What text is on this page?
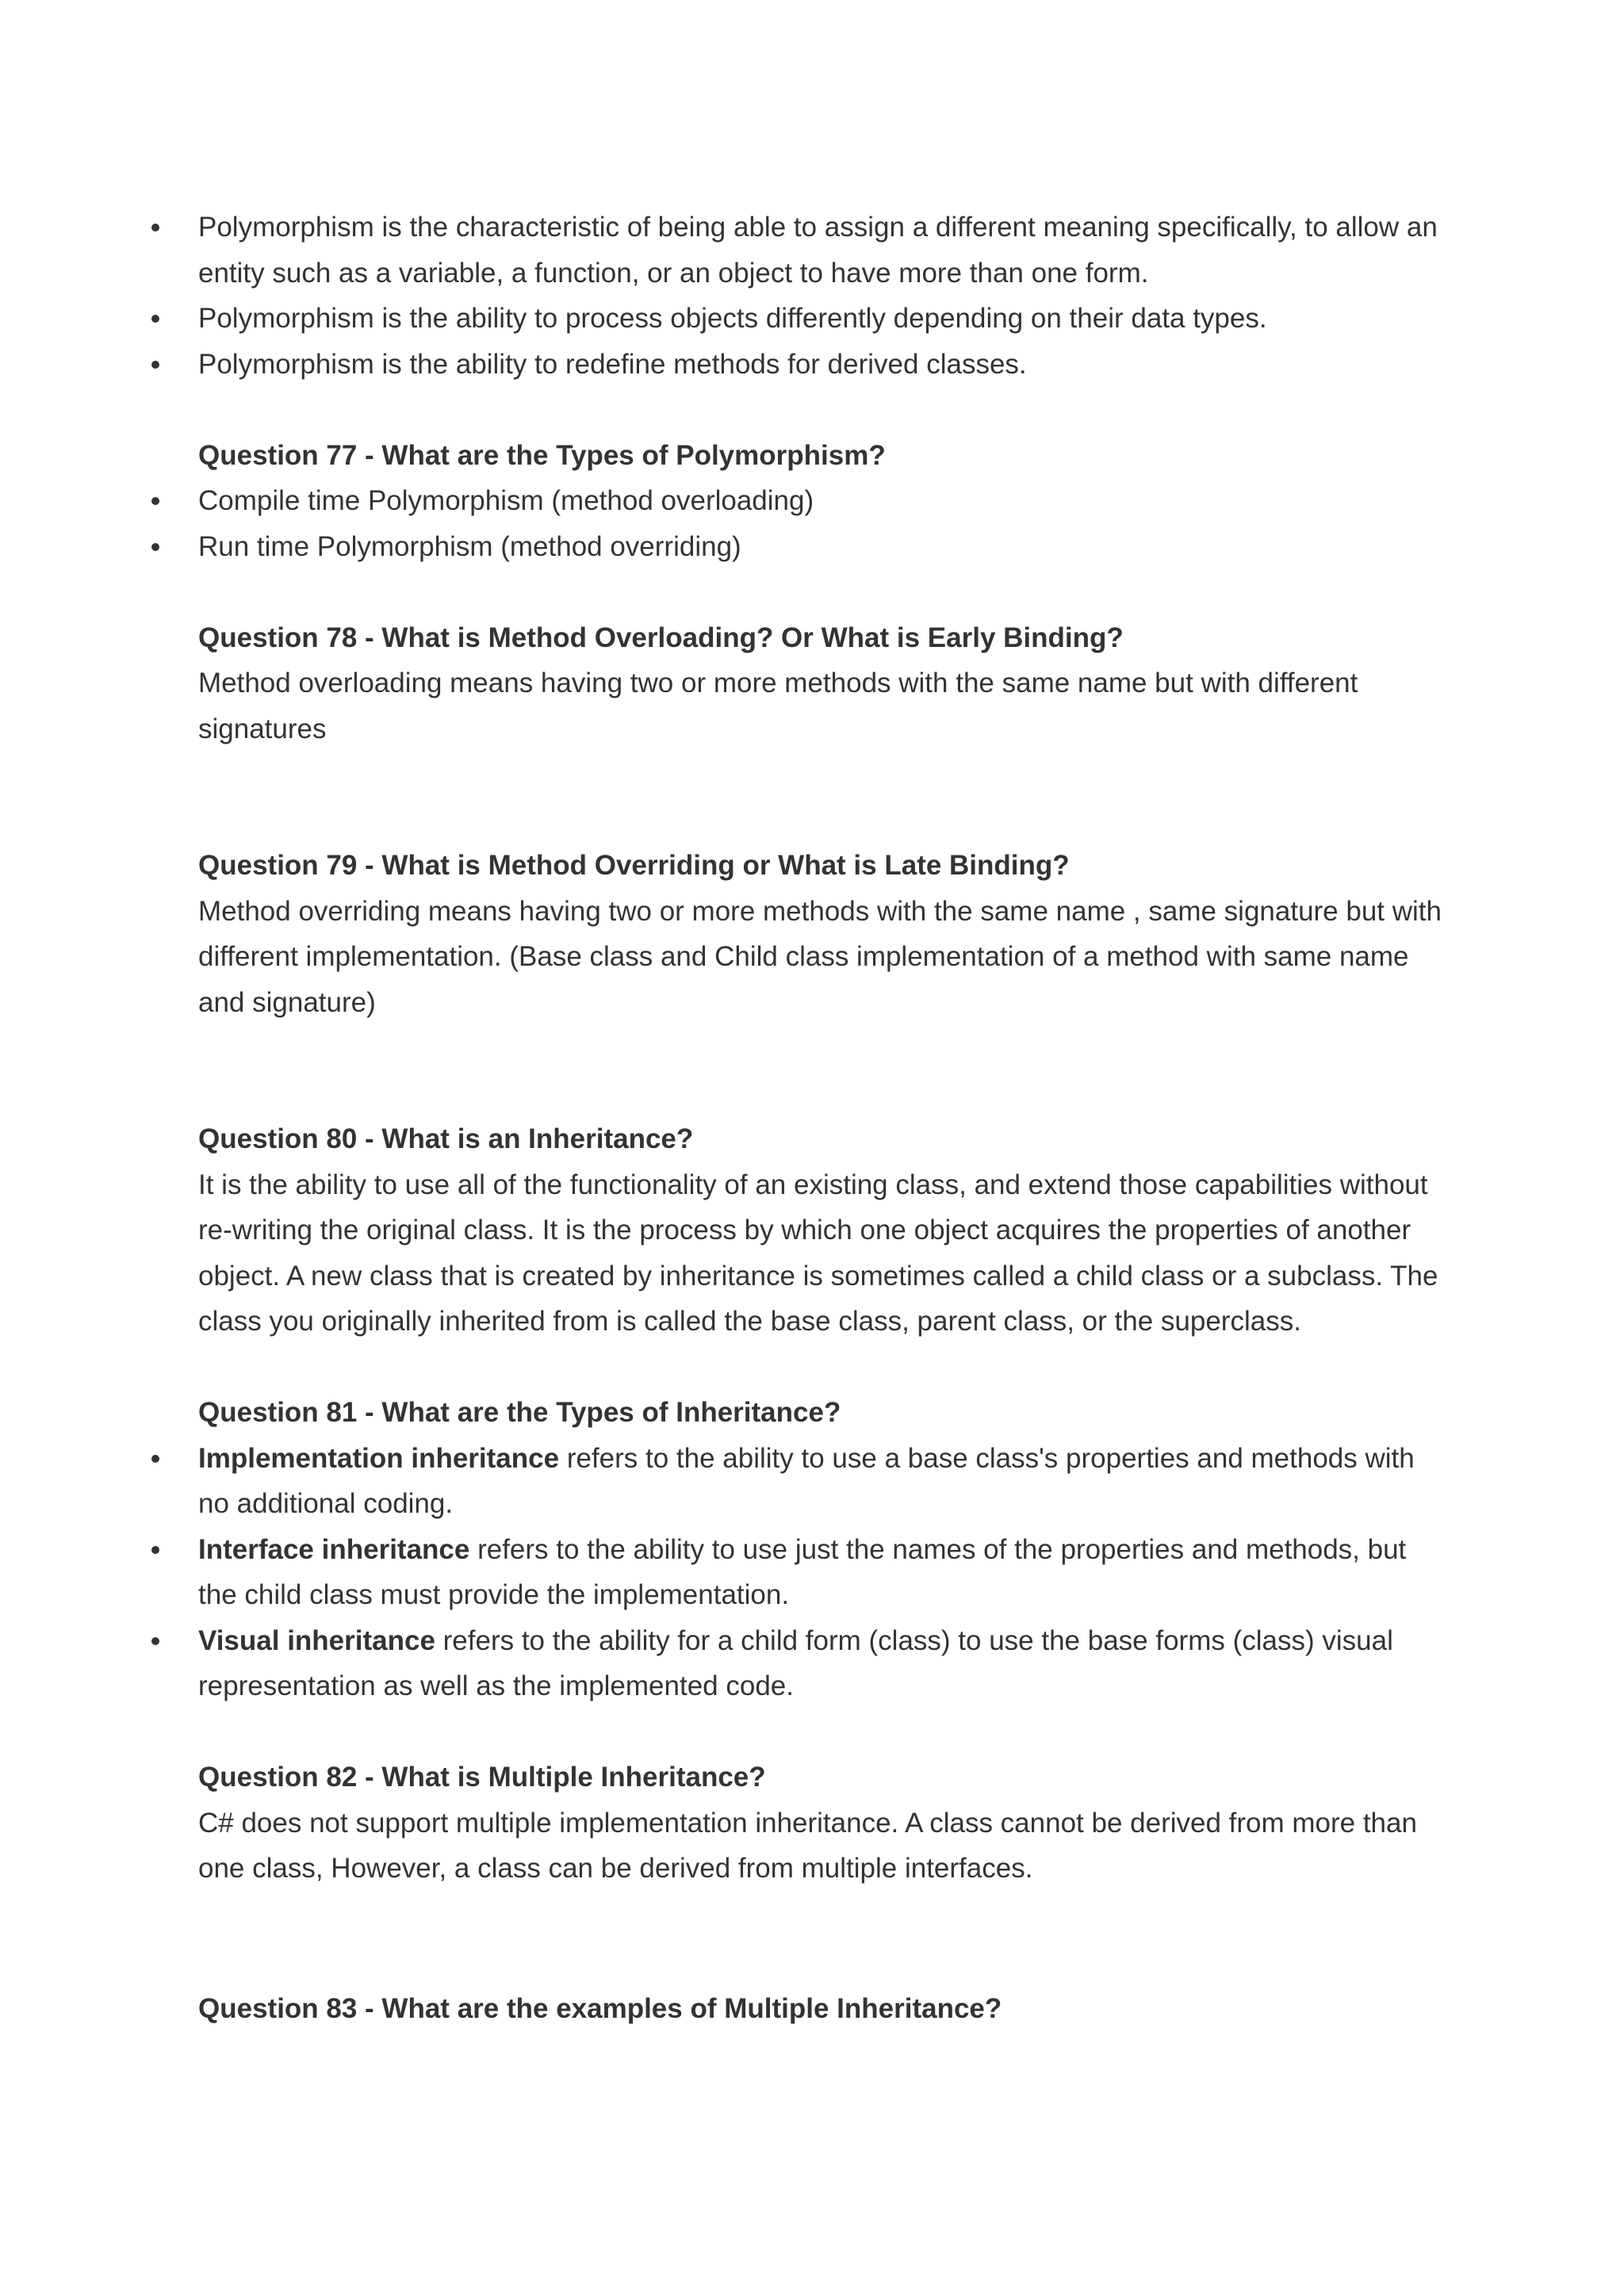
Polymorphism is the characteristic of being able to assign a different meaning specifically, to allow an entity such as a variable, a function, or an object to have more than one form.
Polymorphism is the ability to process objects differently depending on their data types.
Polymorphism is the ability to redefine methods for derived classes.

Question 77 - What are the Types of Polymorphism?

Compile time Polymorphism (method overloading)
Run time Polymorphism (method overriding)

Question 78 - What is Method Overloading? Or What is Early Binding?

Method overloading means having two or more methods with the same name but with different signatures

Question 79 - What is Method Overriding or What is Late Binding?

Method overriding means having two or more methods with the same name , same signature but with different implementation. (Base class and Child class implementation of a method with same name and signature)

Question 80 - What is an Inheritance?

It is the ability to use all of the functionality of an existing class, and extend those capabilities without re-writing the original class. It is the process by which one object acquires the properties of another object. A new class that is created by inheritance is sometimes called a child class or a subclass. The class you originally inherited from is called the base class, parent class, or the superclass.

Question 81 - What are the Types of Inheritance?

Implementation inheritance refers to the ability to use a base class's properties and methods with no additional coding.
Interface inheritance refers to the ability to use just the names of the properties and methods, but the child class must provide the implementation.
Visual inheritance refers to the ability for a child form (class) to use the base forms (class) visual representation as well as the implemented code.

Question 82 - What is Multiple Inheritance?

C# does not support multiple implementation inheritance. A class cannot be derived from more than one class, However, a class can be derived from multiple interfaces.

Question 83 - What are the examples of Multiple Inheritance?
